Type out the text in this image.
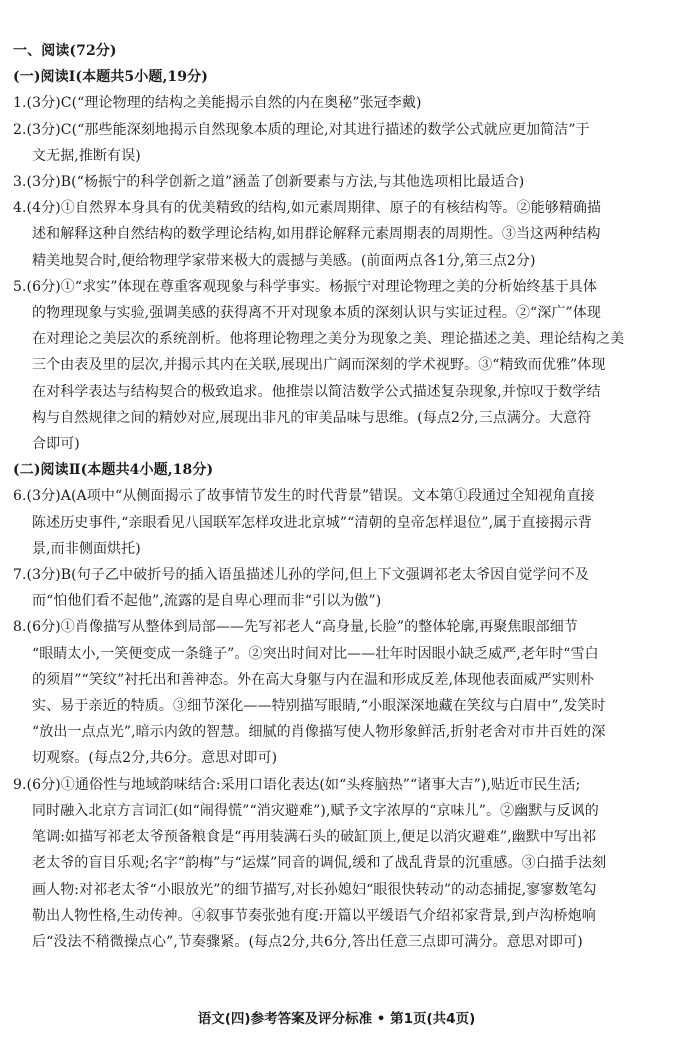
一、阅读(72分)
(一)阅读Ⅰ(本题共5小题,19分)
1.(3分)C(“理论物理的结构之美能揭示自然的内在奥秘”张冠李戴)
2.(3分)C(“那些能深刻地揭示自然现象本质的理论,对其进行描述的数学公式就应更加简洁”于
文无据,推断有误)
3.(3分)B(“杨振宁的科学创新之道”涵盖了创新要素与方法,与其他选项相比最适合)
4.(4分)①自然界本身具有的优美精致的结构,如元素周期律、原子的有核结构等。②能够精确描
述和解释这种自然结构的数学理论结构,如用群论解释元素周期表的周期性。③当这两种结构
精美地契合时,便给物理学家带来极大的震撼与美感。(前面两点各1分,第三点2分)
5.(6分)①“求实”体现在尊重客观现象与科学事实。杨振宁对理论物理之美的分析始终基于具体
的物理现象与实验,强调美感的获得离不开对现象本质的深刻认识与实证过程。②“深广”体现
在对理论之美层次的系统剖析。他将理论物理之美分为现象之美、理论描述之美、理论结构之美
三个由表及里的层次,并揭示其内在关联,展现出广阔而深刻的学术视野。③“精致而优雅”体现
在对科学表达与结构契合的极致追求。他推崇以简洁数学公式描述复杂现象,并惊叹于数学结
构与自然规律之间的精妙对应,展现出非凡的审美品味与思维。(每点2分,三点满分。大意符
合即可)
(二)阅读Ⅱ(本题共4小题,18分)
6.(3分)A(A项中“从侧面揭示了故事情节发生的时代背景”错误。文本第①段通过全知视角直接
陈述历史事件,“亲眼看见八国联军怎样攻进北京城”“清朝的皇帝怎样退位”,属于直接揭示背
景,而非侧面烘托)
7.(3分)B(句子乙中破折号的插入语虽描述儿孙的学问,但上下文强调祁老太爷因自觉学问不及
而“怕他们看不起他”,流露的是自卑心理而非“引以为傲”)
8.(6分)①肖像描写从整体到局部——先写祁老人“高身量,长脸”的整体轮廓,再聚焦眼部细节
“眼睛太小,一笑便变成一条缝子”。②突出时间对比——壮年时因眼小缺乏威严,老年时“雪白
的须眉”“笑纹”衬托出和善神态。外在高大身躯与内在温和形成反差,体现他表面威严实则朴
实、易于亲近的特质。③细节深化——特别描写眼睛,“小眼深深地藏在笑纹与白眉中”,发笑时
“放出一点点光”,暗示内敛的智慧。细腻的肖像描写使人物形象鲜活,折射老舍对市井百姓的深
切观察。(每点2分,共6分。意思对即可)
9.(6分)①通俗性与地域韵味结合:采用口语化表达(如“头疼脑热”“诸事大吉”),贴近市民生活;
同时融入北京方言词汇(如“闹得慌”“消灾避难”),赋予文字浓厚的“京味儿”。②幽默与反讽的
笔调:如描写祁老太爷预备粮食是“再用装满石头的破缸顶上,便足以消灾避难”,幽默中写出祁
老太爷的盲目乐观;名字“韵梅”与“运煤”同音的调侃,缓和了战乱背景的沉重感。③白描手法刻
画人物:对祁老太爷“小眼放光”的细节描写,对长孙媳妇“眼很快转动”的动态捕捉,寥寥数笔勾
勒出人物性格,生动传神。④叙事节奏张弛有度:开篇以平缓语气介绍祁家背景,到卢沟桥炮响
后“没法不稍微操点心”,节奏骤紧。(每点2分,共6分,答出任意三点即可满分。意思对即可)
语文(四)参考答案及评分标准 • 第1页(共4页)
